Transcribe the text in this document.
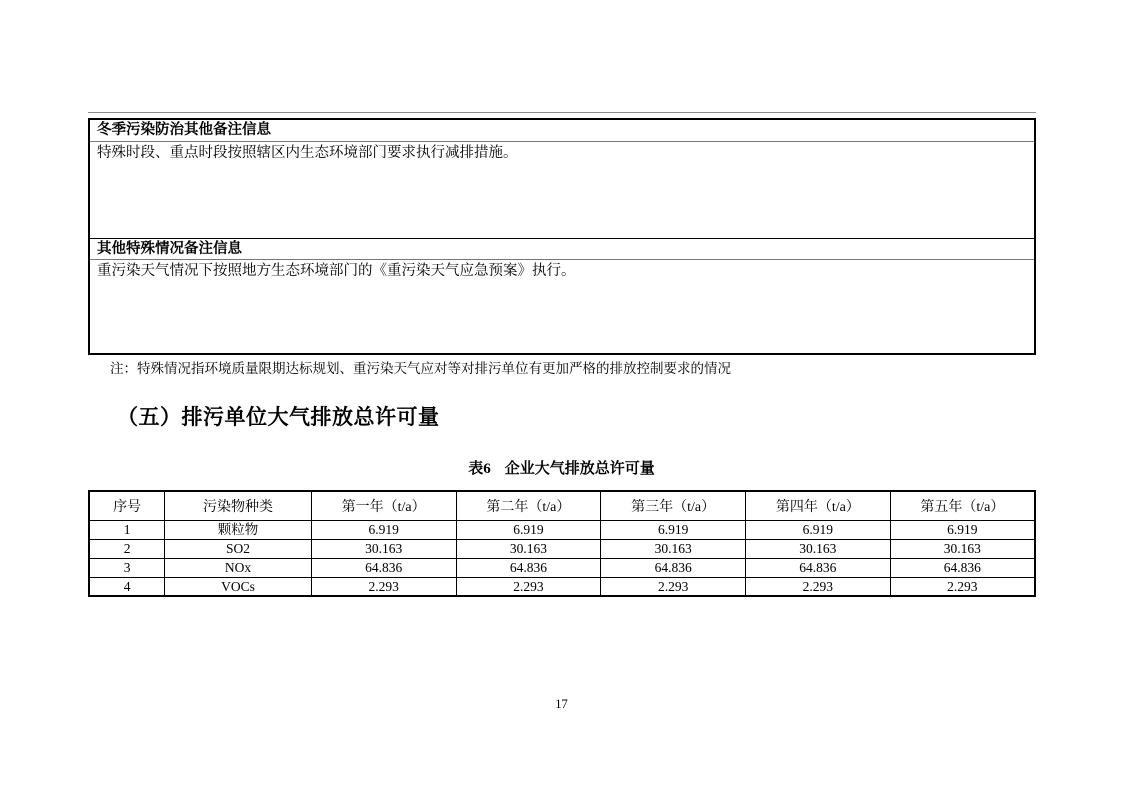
冬季污染防治其他备注信息
特殊时段、重点时段按照辖区内生态环境部门要求执行减排措施。
其他特殊情况备注信息
重污染天气情况下按照地方生态环境部门的《重污染天气应急预案》执行。
注：特殊情况指环境质量限期达标规划、重污染天气应对等对排污单位有更加严格的排放控制要求的情况
（五）排污单位大气排放总许可量
表6 企业大气排放总许可量
序号	污染物种类	第一年（t/a）	第二年（t/a）	第三年（t/a）	第四年（t/a）	第五年（t/a）
1	颗粒物	6.919	6.919	6.919	6.919	6.919
2	SO2	30.163	30.163	30.163	30.163	30.163
3	NOx	64.836	64.836	64.836	64.836	64.836
4	VOCs	2.293	2.293	2.293	2.293	2.293
17
